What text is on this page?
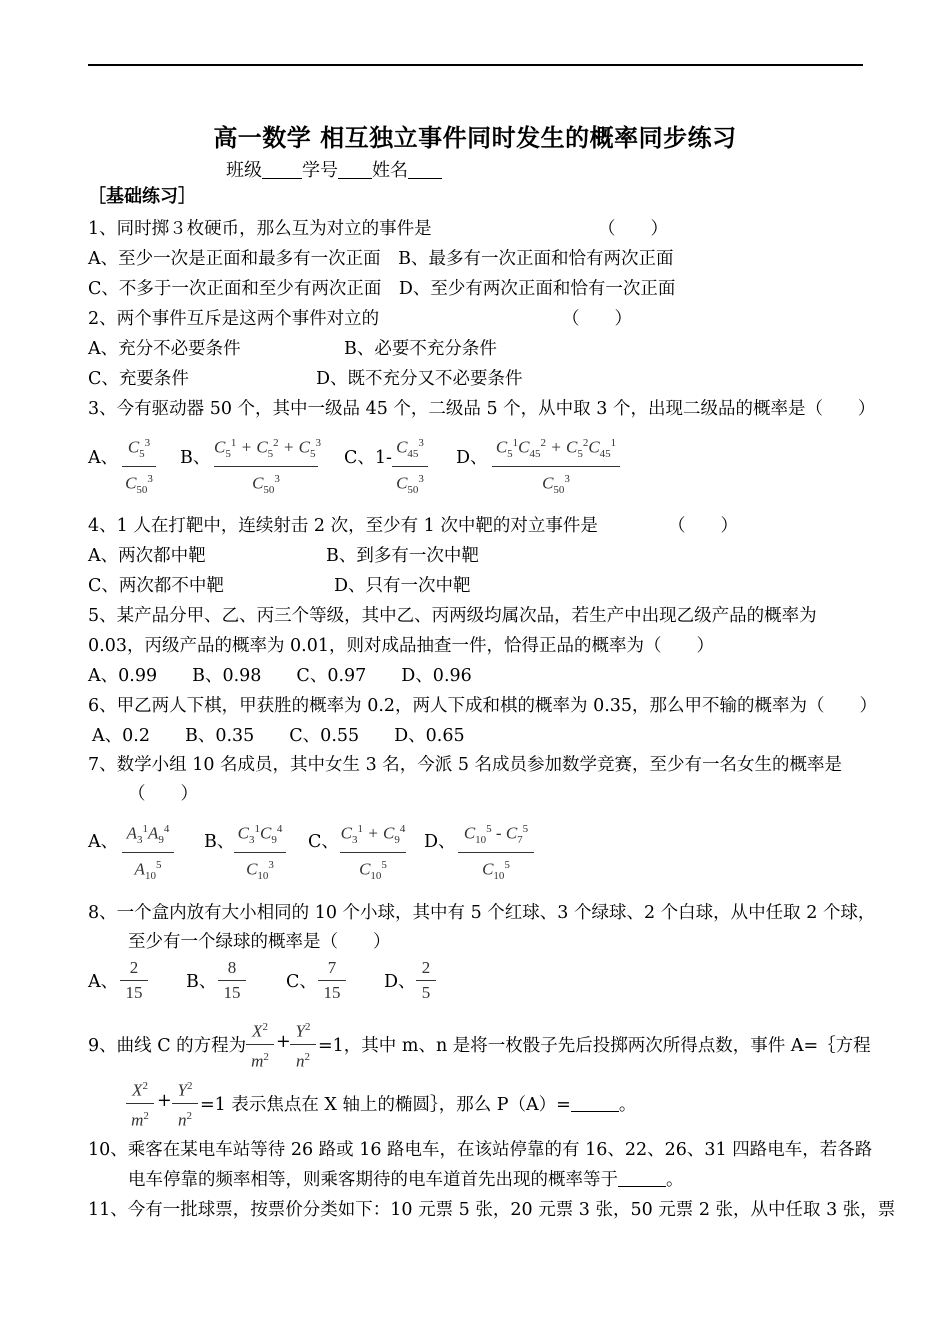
高一数学 相互独立事件同时发生的概率同步练习
班级 学号 姓名
［基础练习］
1、同时掷３枚硬币，那么互为对立的事件是	（　　）
A、至少一次是正面和最多有一次正面　B、最多有一次正面和恰有两次正面
C、不多于一次正面和至少有两次正面　D、至少有两次正面和恰有一次正面
2、两个事件互斥是这两个事件对立的	（　　）
A、充分不必要条件	B、必要不充分条件
C、充要条件	D、既不充分又不必要条件
3、今有驱动器 50 个，其中一级品 45 个，二级品 5 个，从中取 3 个，出现二级品的概率是（　　）
A、
$C_5^3$
$C_{50}^3$
B、
$C_5^1 + C_5^2 + C_5^3$
$C_{50}^3$
C、1-
$C_{45}^3$
$C_{50}^3$
D、
$C_5^1C_{45}^2 + C_5^2C_{45}^1$
$C_{50}^3$
4、1 人在打靶中，连续射击 2 次，至少有 1 次中靶的对立事件是	（　　）
A、两次都中靶	B、到多有一次中靶
C、两次都不中靶	D、只有一次中靶
5、某产品分甲、乙、丙三个等级，其中乙、丙两级均属次品，若生产中出现乙级产品的概率为
0.03，丙级产品的概率为 0.01，则对成品抽查一件，恰得正品的概率为（　　）
A、0.99　　B、0.98　　C、0.97　　D、0.96
6、甲乙两人下棋，甲获胜的概率为 0.2，两人下成和棋的概率为 0.35，那么甲不输的概率为（　　）
A、0.2　　B、0.35　　C、0.55　　D、0.65
7、数学小组 10 名成员，其中女生 3 名，今派 5 名成员参加数学竞赛，至少有一名女生的概率是
（　　）
A、 $A_3^1A_9^4$
$A_{10}^5$
B、 $C_3^1C_9^4$
$C_{10}^3$
C、 $C_3^1 + C_9^4$
$C_{10}^5$
D、 $C_{10}^5 - C_7^5$
$C_{10}^5$
8、一个盒内放有大小相同的 10 个小球，其中有 5 个红球、3 个绿球、2 个白球，从中任取 2 个球，
至少有一个绿球的概率是（　　）
A、
2
15
B、
8
15
C、
7
15
D、
2
5
9、曲线 C 的方程为
$X^2$
$m^2$
+
$Y^2$
$n^2$
=1，其中 m、n 是将一枚骰子先后投掷两次所得点数，事件 A=｛方程
$X^2$
$m^2$
+
$Y^2$
$n^2$
=1 表示焦点在 X 轴上的椭圆｝，那么 P（A）=	。
10、乘客在某电车站等待 26 路或 16 路电车，在该站停靠的有 16、22、26、31 四路电车，若各路
电车停靠的频率相等，则乘客期待的电车道首先出现的概率等于	。
11、今有一批球票，按票价分类如下：10 元票 5 张，20 元票 3 张，50 元票 2 张，从中任取 3 张，票
